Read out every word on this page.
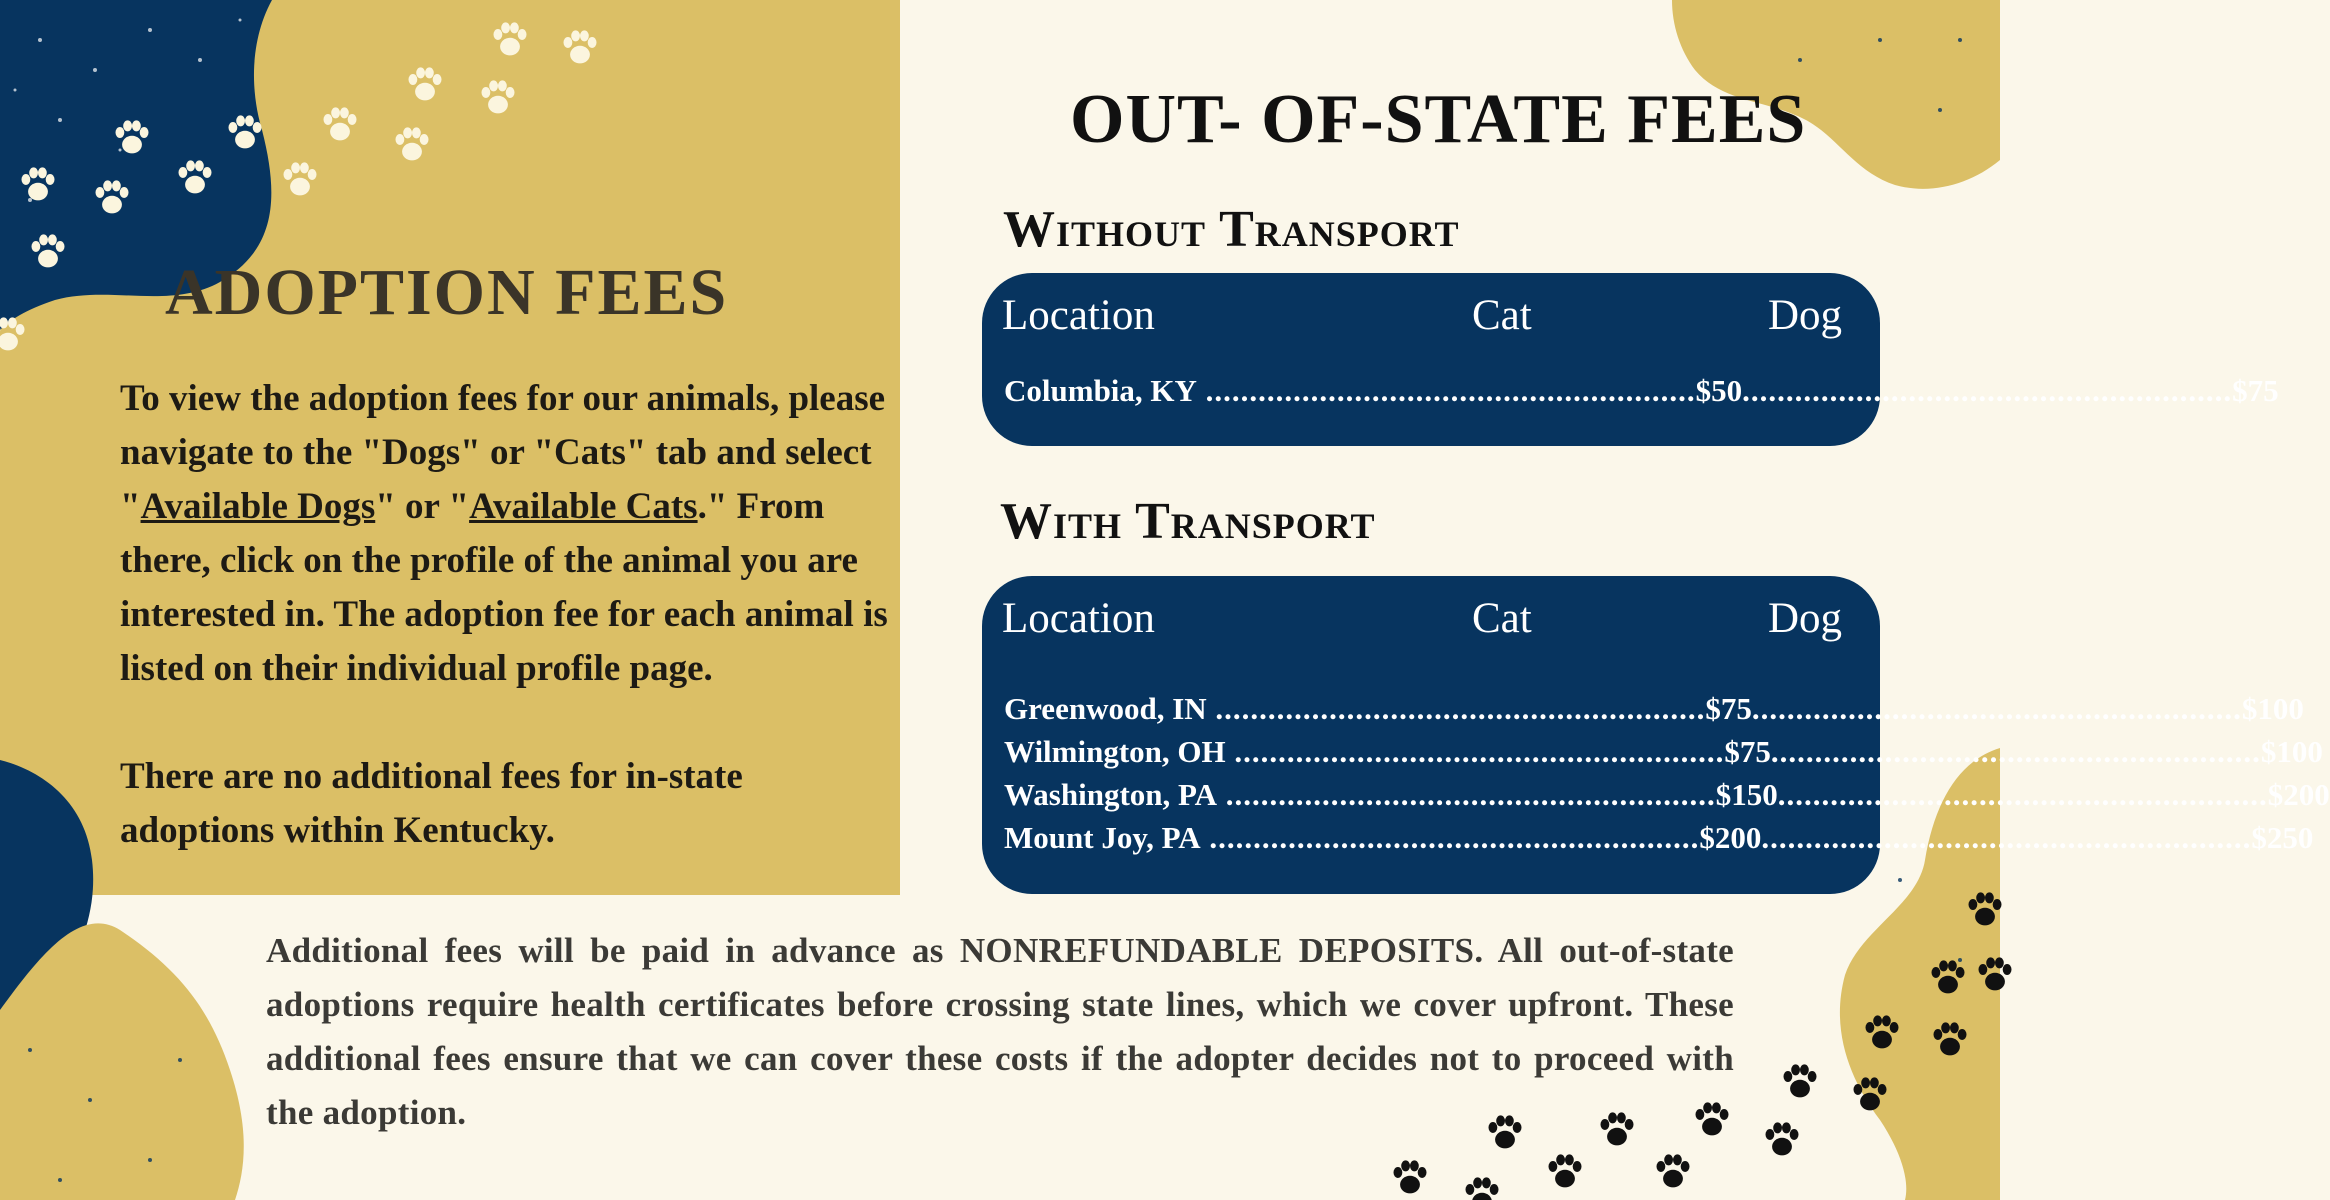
ADOPTION FEES

To view the adoption fees for our animals, please navigate to the "Dogs" or "Cats" tab and select "Available Dogs" or "Available Cats." From there, click on the profile of the animal you are interested in. The adoption fee for each animal is listed on their individual profile page.

There are no additional fees for in-state adoptions within Kentucky.

OUT- OF-STATE FEES
Without Transport
Location	Cat	Dog
Columbia, KY ........................................................ $50 ........................................................ $75
With Transport
Location	Cat	Dog
Greenwood, IN ........................................................ $75 ........................................................ $100
Wilmington, OH ........................................................ $75 ........................................................ $100
Washington, PA ........................................................ $150 ........................................................ $200
Mount Joy, PA ........................................................ $200 ........................................................ $250

Additional fees will be paid in advance as NONREFUNDABLE DEPOSITS. All out-of-state adoptions require health certificates before crossing state lines, which we cover upfront. These additional fees ensure that we can cover these costs if the adopter decides not to proceed with the adoption.
